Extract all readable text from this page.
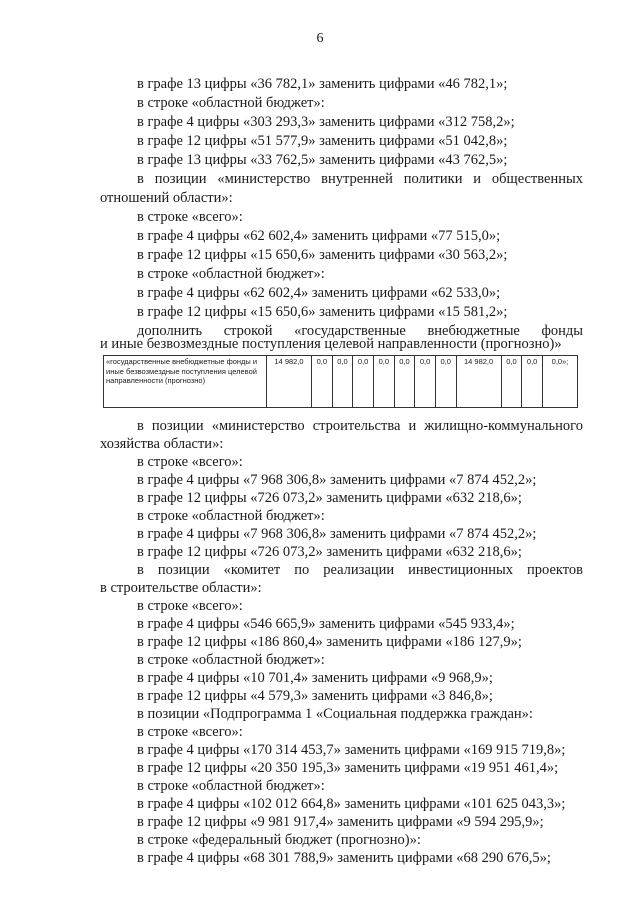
6
в графе 13 цифры «36 782,1» заменить цифрами «46 782,1»;
в строке «областной бюджет»:
в графе 4 цифры «303 293,3» заменить цифрами «312 758,2»;
в графе 12 цифры «51 577,9» заменить цифрами «51 042,8»;
в графе 13 цифры «33 762,5» заменить цифрами «43 762,5»;
в позиции «министерство внутренней политики и общественных
отношений области»:
в строке «всего»:
в графе 4 цифры «62 602,4» заменить цифрами «77 515,0»;
в графе 12 цифры «15 650,6» заменить цифрами «30 563,2»;
в строке «областной бюджет»:
в графе 4 цифры «62 602,4» заменить цифрами «62 533,0»;
в графе 12 цифры «15 650,6» заменить цифрами «15 581,2»;
дополнить строкой «государственные внебюджетные фонды
и иные безвозмездные поступления целевой направленности (прогнозно)»
«государственные внебюджетные фонды и иные безвозмездные поступления целевой направленности (прогнозно)	14 982,0	0,0	0,0	0,0	0,0	0,0	0,0	0,0	14 982,0	0,0	0,0	0,0»;
в позиции «министерство строительства и жилищно-коммунального
хозяйства области»:
в строке «всего»:
в графе 4 цифры «7 968 306,8» заменить цифрами «7 874 452,2»;
в графе 12 цифры «726 073,2» заменить цифрами «632 218,6»;
в строке «областной бюджет»:
в графе 4 цифры «7 968 306,8» заменить цифрами «7 874 452,2»;
в графе 12 цифры «726 073,2» заменить цифрами «632 218,6»;
в позиции «комитет по реализации инвестиционных проектов
в строительстве области»:
в строке «всего»:
в графе 4 цифры «546 665,9» заменить цифрами «545 933,4»;
в графе 12 цифры «186 860,4» заменить цифрами «186 127,9»;
в строке «областной бюджет»:
в графе 4 цифры «10 701,4» заменить цифрами «9 968,9»;
в графе 12 цифры «4 579,3» заменить цифрами «3 846,8»;
в позиции «Подпрограмма 1 «Социальная поддержка граждан»:
в строке «всего»:
в графе 4 цифры «170 314 453,7» заменить цифрами «169 915 719,8»;
в графе 12 цифры «20 350 195,3» заменить цифрами «19 951 461,4»;
в строке «областной бюджет»:
в графе 4 цифры «102 012 664,8» заменить цифрами «101 625 043,3»;
в графе 12 цифры «9 981 917,4» заменить цифрами «9 594 295,9»;
в строке «федеральный бюджет (прогнозно)»:
в графе 4 цифры «68 301 788,9» заменить цифрами «68 290 676,5»;
